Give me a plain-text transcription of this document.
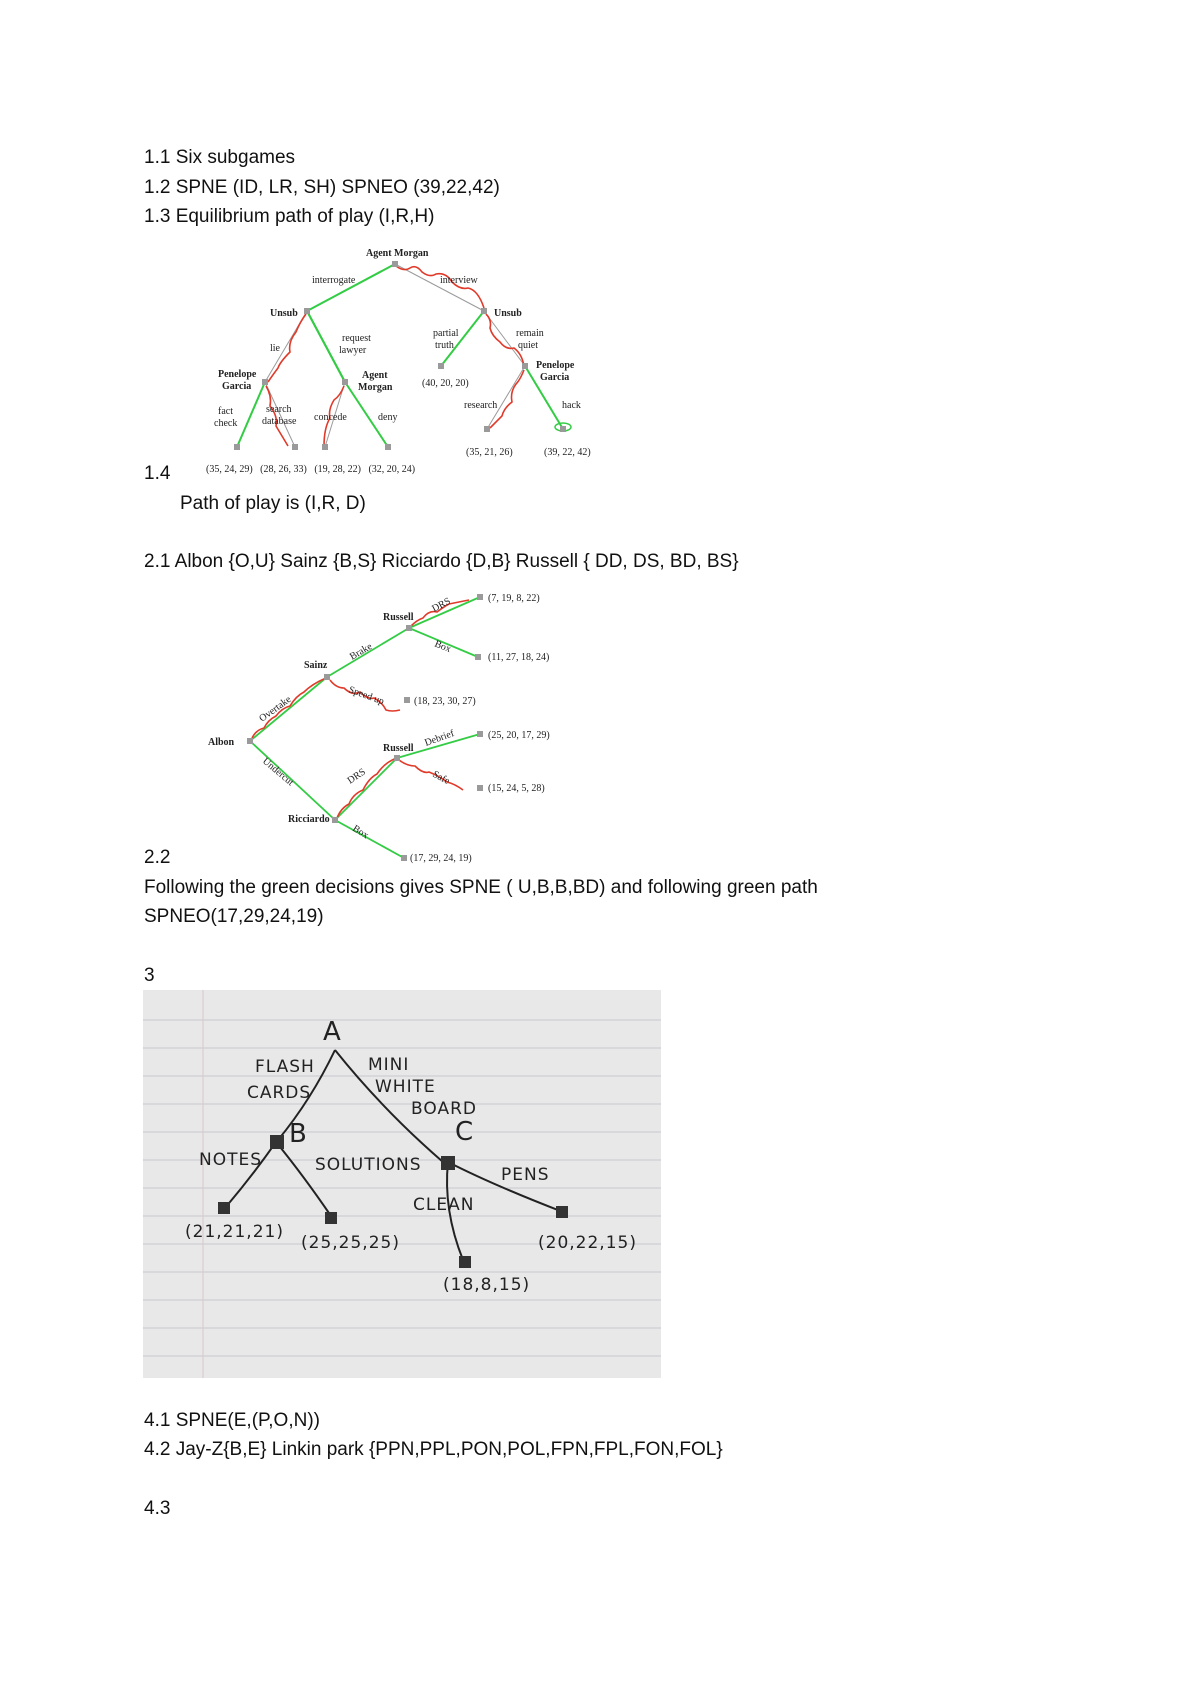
1.1 Six subgames
1.2 SPNE (ID, LR, SH) SPNEO (39,22,42)
1.3 Equilibrium path of play (I,R,H)
Agent Morgan
interrogate	interview
Unsub	Unsub
lie
request
lawyer
partial
truth
remain
quiet
Penelope
Garcia
Agent
Morgan
Penelope
Garcia
fact
check
search
database concede	deny
research	hack
(40, 20, 20)
(35, 21, 26)	(39, 22, 42)
(35, 24, 29)   (28, 26, 33)   (19, 28, 22)   (32, 20, 24)
1.4
Path of play is (I,R, D)
2.1 Albon {O,U} Sainz {B,S} Ricciardo {D,B} Russell { DD, DS, BD, BS}
Albon
Sainz
Russell
Russell
Ricciardo
Overtake
Undercut
Brake
Speed up
DRS
Box
DRS
Debrief
Safe
Box
(7, 19, 8, 22)
(11, 27, 18, 24)
(18, 23, 30, 27)
(25, 20, 17, 29)
(15, 24, 5, 28)
(17, 29, 24, 19)
2.2
Following the green decisions gives SPNE ( U,B,B,BD) and following green path
SPNEO(17,29,24,19)
3
A
FLASH
CARDS
MINI
WHITE
BOARD
B	C
NOTES	SOLUTIONS	PENS
CLEAN
(21,21,21)
(25,25,25)
(18,8,15)
(20,22,15)
4.1 SPNE(E,(P,O,N))
4.2 Jay-Z{B,E} Linkin park {PPN,PPL,PON,POL,FPN,FPL,FON,FOL}
4.3
